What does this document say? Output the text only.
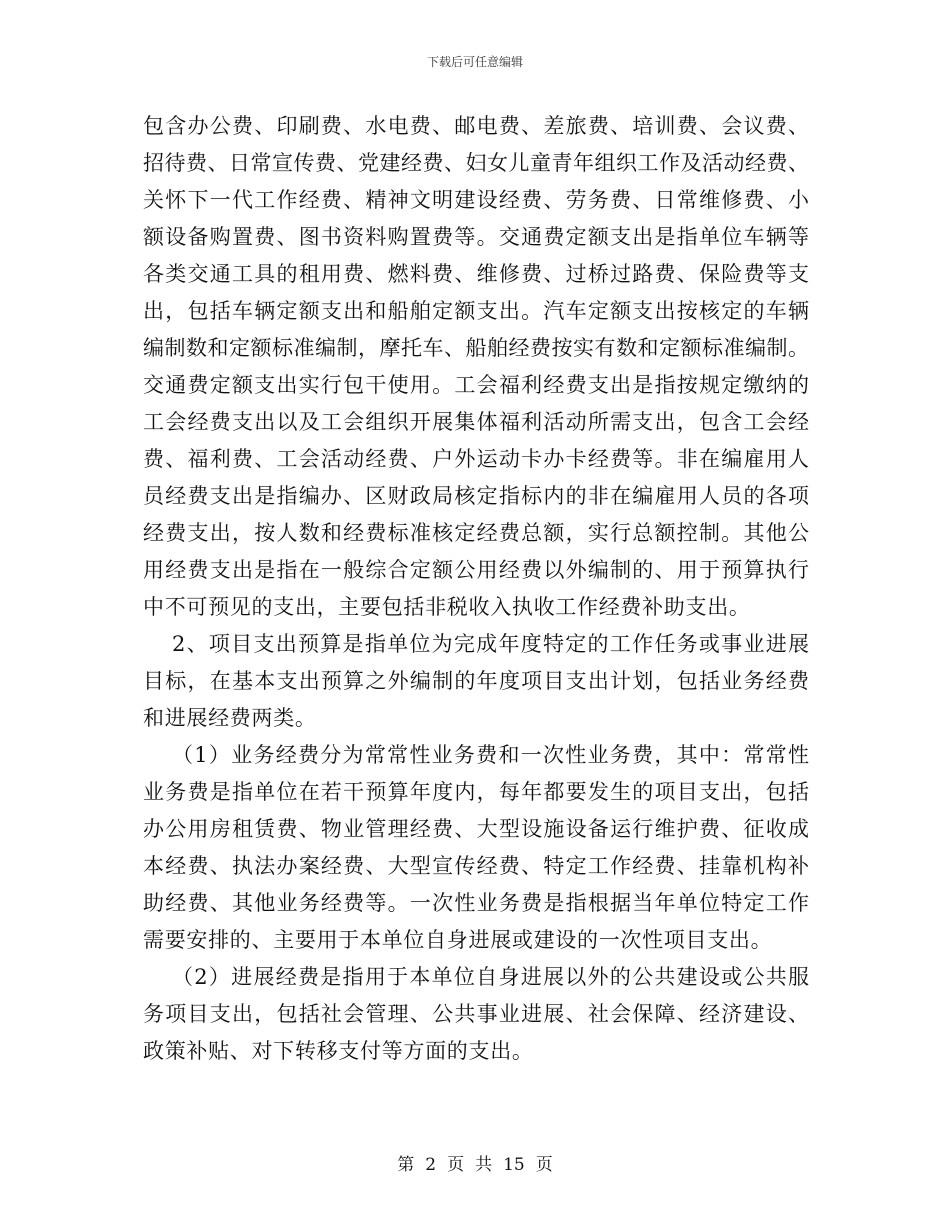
下载后可任意编辑
包含办公费、印刷费、水电费、邮电费、差旅费、培训费、会议费、
招待费、日常宣传费、党建经费、妇女儿童青年组织工作及活动经费、
关怀下一代工作经费、精神文明建设经费、劳务费、日常维修费、小
额设备购置费、图书资料购置费等。交通费定额支出是指单位车辆等
各类交通工具的租用费、燃料费、维修费、过桥过路费、保险费等支
出，包括车辆定额支出和船舶定额支出。汽车定额支出按核定的车辆
编制数和定额标准编制，摩托车、船舶经费按实有数和定额标准编制。
交通费定额支出实行包干使用。工会福利经费支出是指按规定缴纳的
工会经费支出以及工会组织开展集体福利活动所需支出，包含工会经
费、福利费、工会活动经费、户外运动卡办卡经费等。非在编雇用人
员经费支出是指编办、区财政局核定指标内的非在编雇用人员的各项
经费支出，按人数和经费标准核定经费总额，实行总额控制。其他公
用经费支出是指在一般综合定额公用经费以外编制的、用于预算执行
中不可预见的支出，主要包括非税收入执收工作经费补助支出。
2、项目支出预算是指单位为完成年度特定的工作任务或事业进展
目标，在基本支出预算之外编制的年度项目支出计划，包括业务经费
和进展经费两类。
（1）业务经费分为常常性业务费和一次性业务费，其中：常常性
业务费是指单位在若干预算年度内，每年都要发生的项目支出，包括
办公用房租赁费、物业管理经费、大型设施设备运行维护费、征收成
本经费、执法办案经费、大型宣传经费、特定工作经费、挂靠机构补
助经费、其他业务经费等。一次性业务费是指根据当年单位特定工作
需要安排的、主要用于本单位自身进展或建设的一次性项目支出。
（2）进展经费是指用于本单位自身进展以外的公共建设或公共服
务项目支出，包括社会管理、公共事业进展、社会保障、经济建设、
政策补贴、对下转移支付等方面的支出。
第 2 页 共 15 页
